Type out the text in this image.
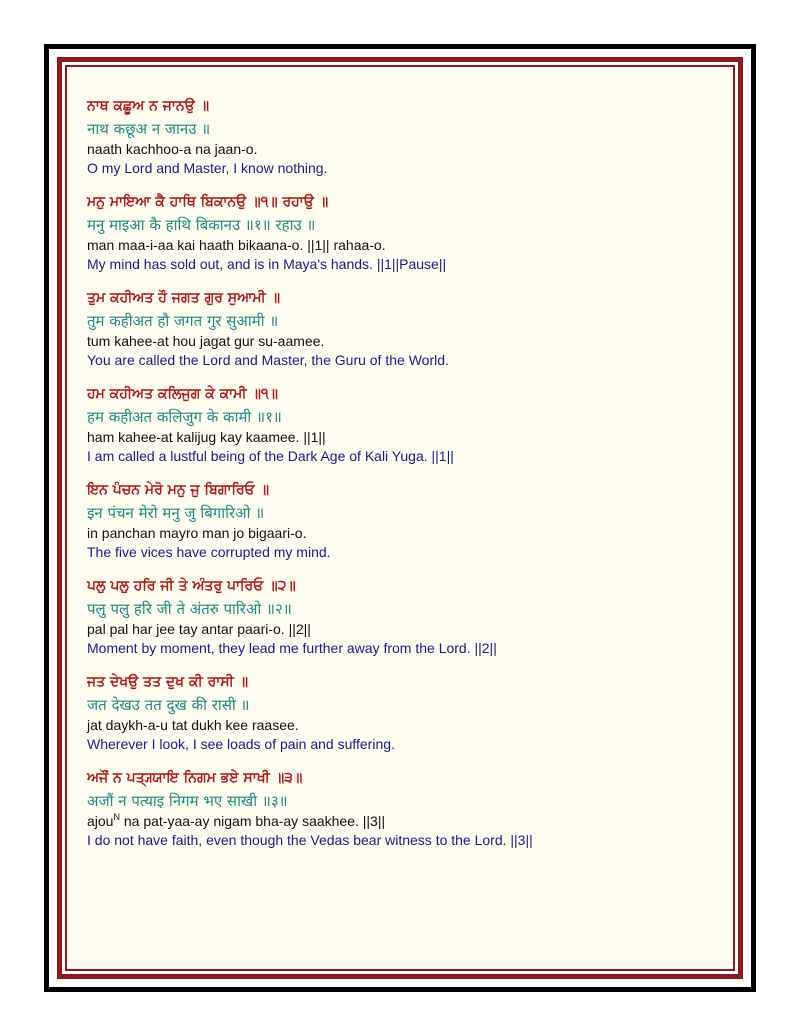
ਨਾਥ ਕਛੂਅ ਨ ਜਾਨਉ ॥
नाथ कछूअ न जानउ ॥
naath kachhoo-a na jaan-o.
O my Lord and Master, I know nothing.
ਮਨੁ ਮਾਇਆ ਕੈ ਹਾਥਿ ਬਿਕਾਨਉ ॥੧॥ ਰਹਾਉ ॥
मनु माइआ कै हाथि बिकानउ ॥१॥ रहाउ ॥
man maa-i-aa kai haath bikaana-o. ||1|| rahaa-o.
My mind has sold out, and is in Maya's hands. ||1||Pause||
ਤੁਮ ਕਹੀਅਤ ਹੌ ਜਗਤ ਗੁਰ ਸੁਆਮੀ ॥
तुम कहीअत हौ जगत गुर सुआमी ॥
tum kahee-at hou jagat gur su-aamee.
You are called the Lord and Master, the Guru of the World.
ਹਮ ਕਹੀਅਤ ਕਲਿਜੁਗ ਕੇ ਕਾਮੀ ॥੧॥
हम कहीअत कलिजुग के कामी ॥१॥
ham kahee-at kalijug kay kaamee. ||1||
I am called a lustful being of the Dark Age of Kali Yuga. ||1||
ਇਨ ਪੰਚਨ ਮੇਰੋ ਮਨੁ ਜੁ ਬਿਗਾਰਿਓ ॥
इन पंचन मेरो मनु जु बिगारिओ ॥
in panchan mayro man jo bigaari-o.
The five vices have corrupted my mind.
ਪਲੁ ਪਲੁ ਹਰਿ ਜੀ ਤੇ ਅੰਤਰੁ ਪਾਰਿਓ ॥੨॥
पलु पलु हरि जी ते अंतरु पारिओ ॥२॥
pal pal har jee tay antar paari-o. ||2||
Moment by moment, they lead me further away from the Lord. ||2||
ਜਤ ਦੇਖਉ ਤਤ ਦੁਖ ਕੀ ਰਾਸੀ ॥
जत देखउ तत दुख की रासी ॥
jat daykh-a-u tat dukh kee raasee.
Wherever I look, I see loads of pain and suffering.
ਅਜੌਂ ਨ ਪਤ੍ਯ੍ਯਾਇ ਨਿਗਮ ਭਏ ਸਾਖੀ ॥੩॥
अजौं न पत्याइ निगम भए साखी ॥३॥
ajou$^N$ na pat-yaa-ay nigam bha-ay saakhee. ||3||
I do not have faith, even though the Vedas bear witness to the Lord. ||3||
